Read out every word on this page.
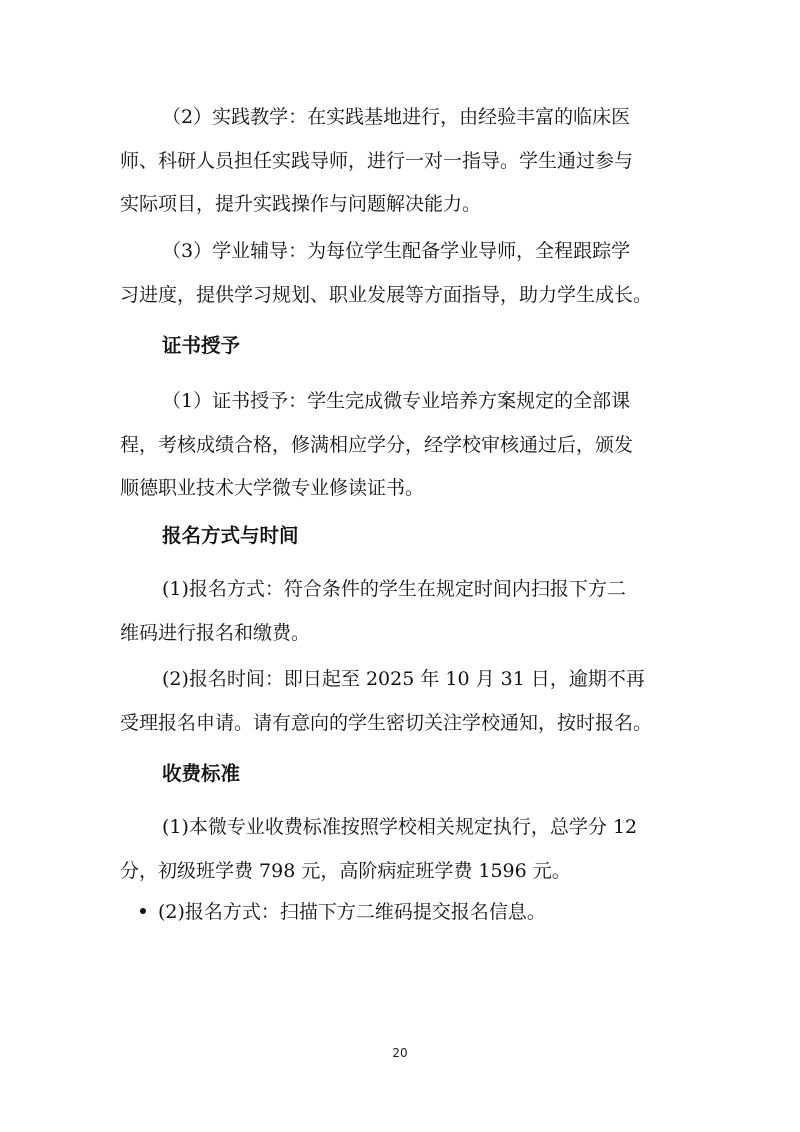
（2）实践教学：在实践基地进行，由经验丰富的临床医
师、科研人员担任实践导师，进行一对一指导。学生通过参与
实际项目，提升实践操作与问题解决能力。

（3）学业辅导：为每位学生配备学业导师，全程跟踪学
习进度，提供学习规划、职业发展等方面指导，助力学生成长。

证书授予

（1）证书授予：学生完成微专业培养方案规定的全部课
程，考核成绩合格，修满相应学分，经学校审核通过后，颁发
顺德职业技术大学微专业修读证书。

报名方式与时间

(1)报名方式：符合条件的学生在规定时间内扫报下方二
维码进行报名和缴费。

(2)报名时间：即日起至 2025 年 10 月 31 日，逾期不再
受理报名申请。请有意向的学生密切关注学校通知，按时报名。

收费标准

(1)本微专业收费标准按照学校相关规定执行，总学分 12
分，初级班学费 798 元，高阶病症班学费 1596 元。

(2)报名方式：扫描下方二维码提交报名信息。
20
